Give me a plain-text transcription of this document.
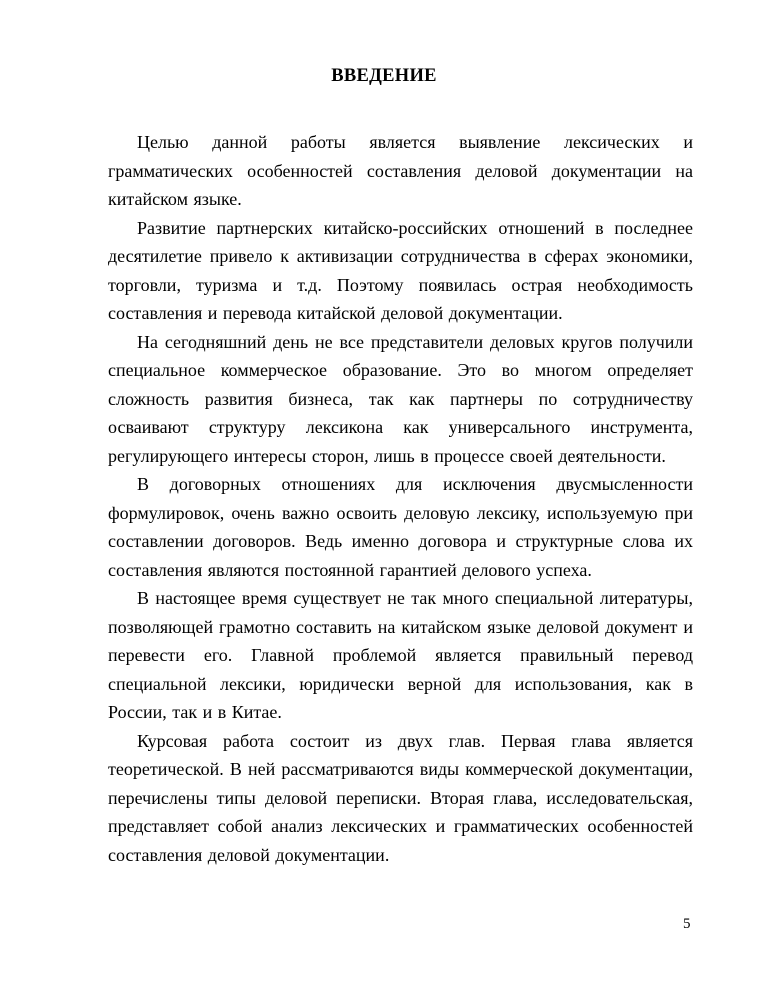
ВВЕДЕНИЕ

Целью данной работы является выявление лексических и грамматических особенностей составления деловой документации на китайском языке.

Развитие партнерских китайско-российских отношений в последнее десятилетие привело к активизации сотрудничества в сферах экономики, торговли, туризма и т.д. Поэтому появилась острая необходимость составления и перевода китайской деловой документации.

На сегодняшний день не все представители деловых кругов получили специальное коммерческое образование. Это во многом определяет сложность развития бизнеса, так как партнеры по сотрудничеству осваивают структуру лексикона как универсального инструмента, регулирующего интересы сторон, лишь в процессе своей деятельности.

В договорных отношениях для исключения двусмысленности формулировок, очень важно освоить деловую лексику, используемую при составлении договоров. Ведь именно договора и структурные слова их составления являются постоянной гарантией делового успеха.

В настоящее время существует не так много специальной литературы, позволяющей грамотно составить на китайском языке деловой документ и перевести его. Главной проблемой является правильный перевод специальной лексики, юридически верной для использования, как в России, так и в Китае.

Курсовая работа состоит из двух глав. Первая глава является теоретической. В ней рассматриваются виды коммерческой документации, перечислены типы деловой переписки. Вторая глава, исследовательская, представляет собой анализ лексических и грамматических особенностей составления деловой документации.

5
